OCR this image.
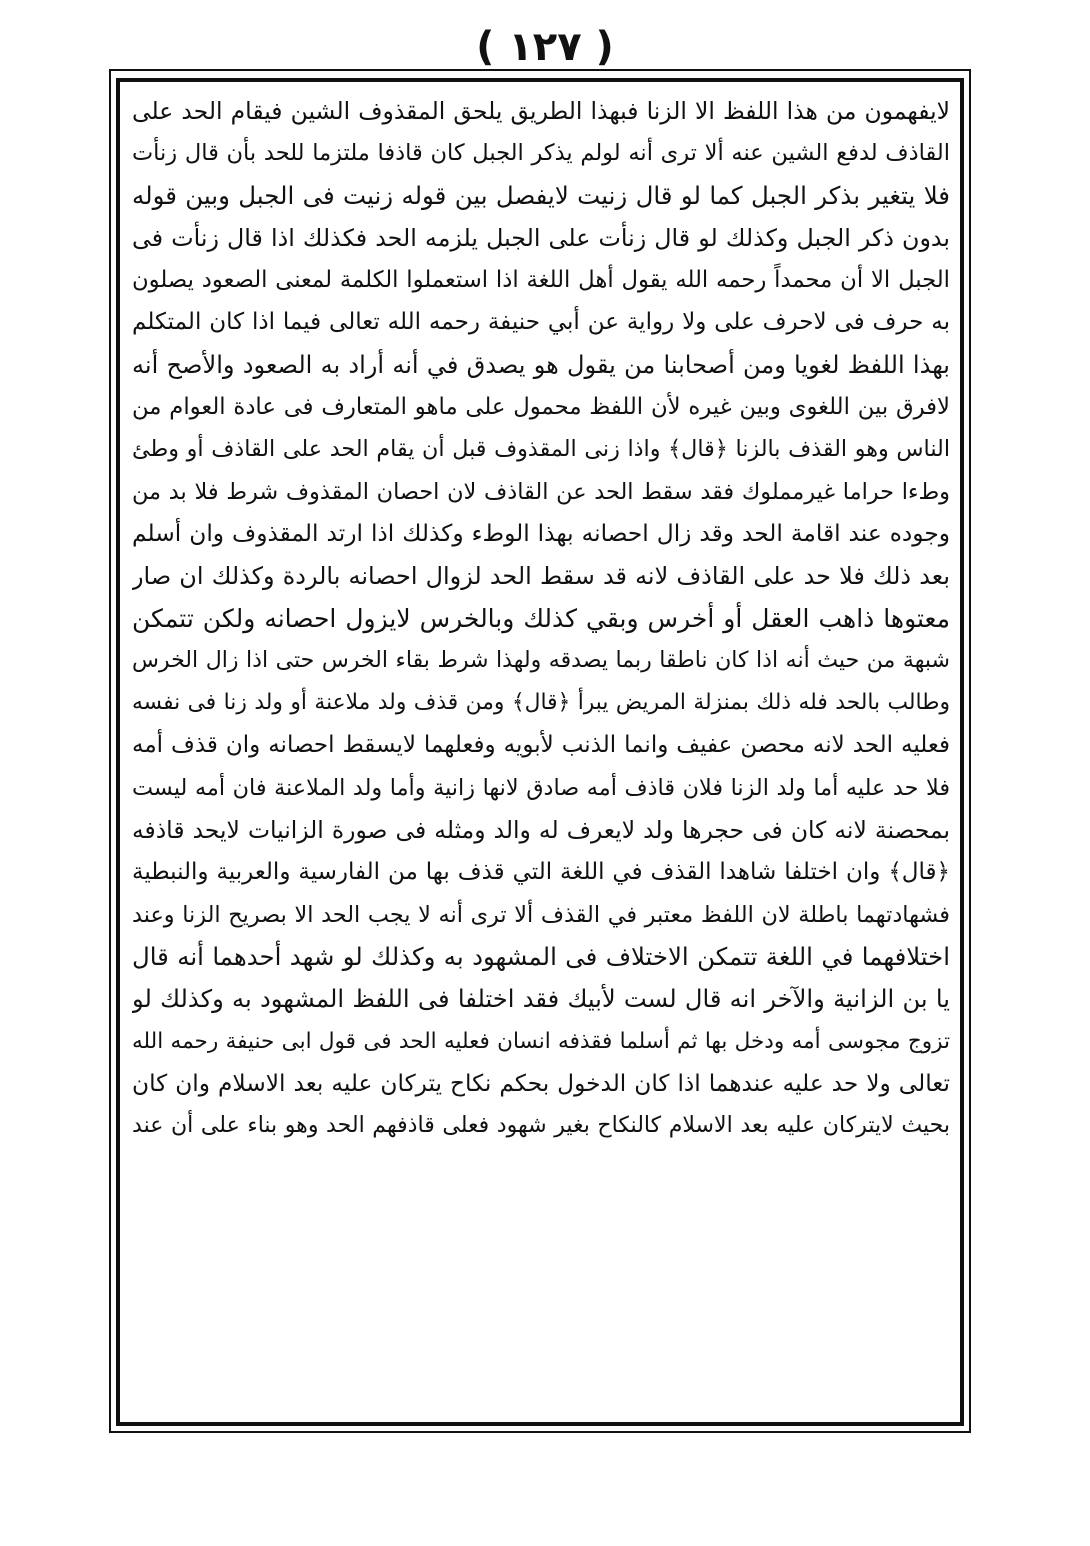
( ١٢٧ )
لايفهمون من هذا اللفظ الا الزنا فبهذا الطريق يلحق المقذوف الشين فيقام الحد على
القاذف لدفع الشين عنه ألا ترى أنه لولم يذكر الجبل كان قاذفا ملتزما للحد بأن قال زنأت
فلا يتغير بذكر الجبل كما لو قال زنيت لايفصل بين قوله زنيت فى الجبل وبين قوله
بدون ذكر الجبل وكذلك لو قال زنأت على الجبل يلزمه الحد فكذلك اذا قال زنأت فى
الجبل الا أن محمداً رحمه الله يقول أهل اللغة اذا استعملوا الكلمة لمعنى الصعود يصلون
به حرف فى لاحرف على ولا رواية عن أبي حنيفة رحمه الله تعالى فيما اذا كان المتكلم
بهذا اللفظ لغويا ومن أصحابنا من يقول هو يصدق في أنه أراد به الصعود والأصح أنه
لافرق بين اللغوى وبين غيره لأن اللفظ محمول على ماهو المتعارف فى عادة العوام من
الناس وهو القذف بالزنا ﴿قال﴾ واذا زنى المقذوف قبل أن يقام الحد على القاذف أو وطئ
وطءا حراما غيرمملوك فقد سقط الحد عن القاذف لان احصان المقذوف شرط فلا بد من
وجوده عند اقامة الحد وقد زال احصانه بهذا الوطء وكذلك اذا ارتد المقذوف وان أسلم
بعد ذلك فلا حد على القاذف لانه قد سقط الحد لزوال احصانه بالردة وكذلك ان صار
معتوها ذاهب العقل أو أخرس وبقي كذلك وبالخرس لايزول احصانه ولكن تتمكن
شبهة من حيث أنه اذا كان ناطقا ربما يصدقه ولهذا شرط بقاء الخرس حتى اذا زال الخرس
وطالب بالحد فله ذلك بمنزلة المريض يبرأ ﴿قال﴾ ومن قذف ولد ملاعنة أو ولد زنا فى نفسه
فعليه الحد لانه محصن عفيف وانما الذنب لأبويه وفعلهما لايسقط احصانه وان قذف أمه
فلا حد عليه أما ولد الزنا فلان قاذف أمه صادق لانها زانية وأما ولد الملاعنة فان أمه ليست
بمحصنة لانه كان فى حجرها ولد لايعرف له والد ومثله فى صورة الزانيات لايحد قاذفه
﴿قال﴾ وان اختلفا شاهدا القذف في اللغة التي قذف بها من الفارسية والعربية والنبطية
فشهادتهما باطلة لان اللفظ معتبر في القذف ألا ترى أنه لا يجب الحد الا بصريح الزنا وعند
اختلافهما في اللغة تتمكن الاختلاف فى المشهود به وكذلك لو شهد أحدهما أنه قال
يا بن الزانية والآخر انه قال لست لأبيك فقد اختلفا فى اللفظ المشهود به وكذلك لو
تزوج مجوسى أمه ودخل بها ثم أسلما فقذفه انسان فعليه الحد فى قول ابى حنيفة رحمه الله
تعالى ولا حد عليه عندهما اذا كان الدخول بحكم نكاح يتركان عليه بعد الاسلام وان كان
بحيث لايتركان عليه بعد الاسلام كالنكاح بغير شهود فعلى قاذفهم الحد وهو بناء على أن عند
